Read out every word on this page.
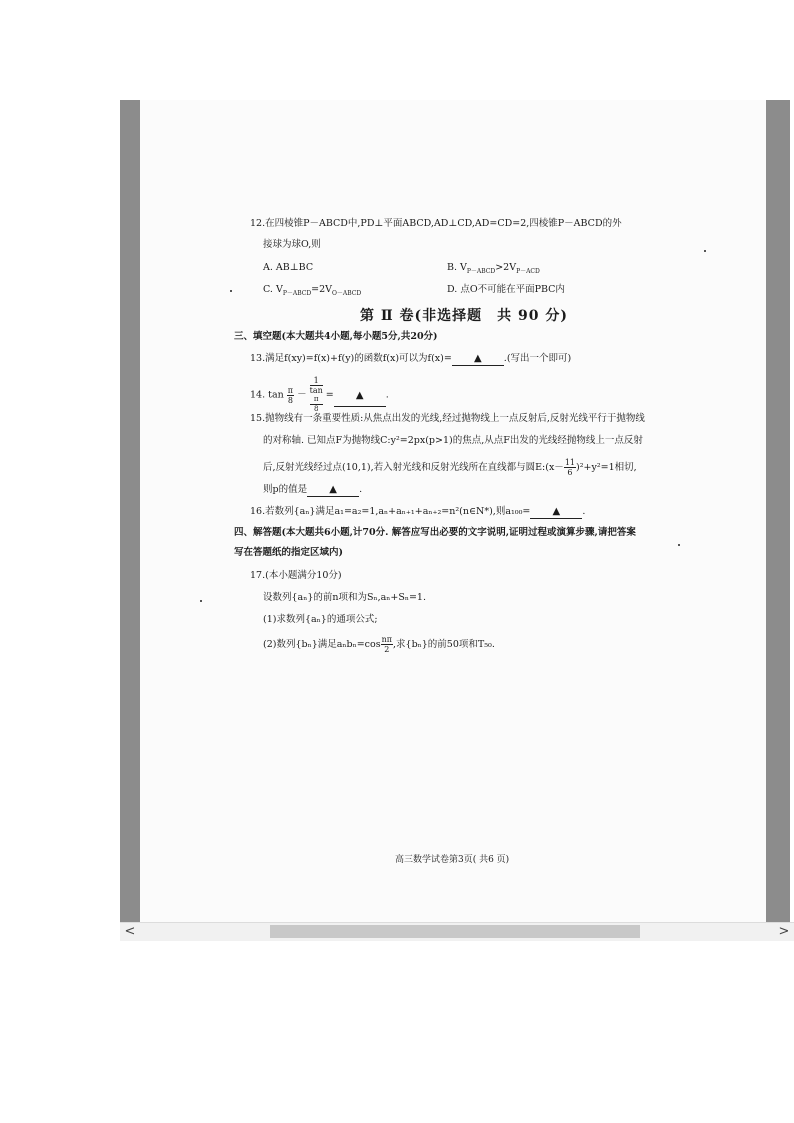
12.在四棱锥P－ABCD中,PD⊥平面ABCD,AD⊥CD,AD=CD=2,四棱锥P－ABCD的外
接球为球O,则
A. AB⊥BC	B. $V_{P-ABCD}>2V_{P-ACD}$
C. $V_{P-ABCD}=2V_{O-ABCD}$	D. 点O不可能在平面PBC内
第 Ⅱ 卷(非选择题　共 90 分)
三、填空题(本大题共4小题,每小题5分,共20分)
13.满足f(xy)=f(x)+f(y)的函数f(x)可以为f(x)= ▲ .(写出一个即可)
14. $\tan \frac{\pi}{8} - 1$
tan
π
8 = ▲ .
15.抛物线有一条重要性质:从焦点出发的光线,经过抛物线上一点反射后,反射光线平行于抛物线
的对称轴. 已知点F为抛物线C:y²=2px(p>1)的焦点,从点F出发的光线经抛物线上一点反射
后,反射光线经过点(10,1),若入射光线和反射光线所在直线都与圆E:(x－ $\frac{11}{6} )^2+y^2=1$相切,
则p的值是 ▲ .
16.若数列{aₙ}满足a₁=a₂=1,aₙ+aₙ₊₁+aₙ₊₂=n²(n∈N*),则a₁₀₀= ▲ .
四、解答题(本大题共6小题,计70分. 解答应写出必要的文字说明,证明过程或演算步骤,请把答案
写在答题纸的指定区域内)
17.(本小题满分10分)
设数列{aₙ}的前n项和为Sₙ,aₙ+Sₙ=1.
(1)求数列{aₙ}的通项公式;
(2)数列{bₙ}满足$a_nb_n=\cos \frac{n\pi}{2}$ ,求{bₙ}的前50项和T₅₀.
高三数学试卷第3页( 共6 页)
<	>
